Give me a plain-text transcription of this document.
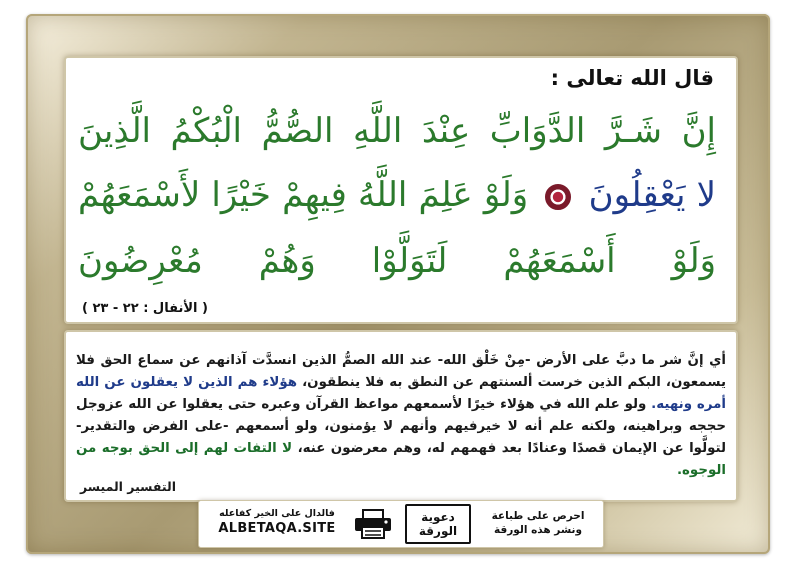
قال الله تعالى :
إِنَّ شَـرَّ الدَّوَابِّ عِنْدَ اللَّهِ الصُّمُّ الْبُكْمُ الَّذِينَ
لا يَعْقِلُونَ  وَلَوْ عَلِمَ اللَّهُ فِيهِمْ خَيْرًا لأَسْمَعَهُمْ
وَلَوْ أَسْمَعَهُمْ لَتَوَلَّوْا وَهُمْ مُعْرِضُونَ
( الأنفال : ٢٢ - ٢٣ )
أي إنَّ شر ما دبَّ على الأرض -مِنْ خَلْق الله- عند الله الصمُّ الذين انسدَّت آذانهم عن سماع الحق فلا يسمعون، البكم الذين خرست ألسنتهم عن النطق به فلا ينطقون، هؤلاء هم الذين لا يعقلون عن الله أمره ونهيه. ولو علم الله في هؤلاء خيرًا لأسمعهم مواعظ القرآن وعبره حتى يعقلوا عن الله عزوجل حججه وبراهينه، ولكنه علم أنه لا خيرفيهم وأنهم لا يؤمنون، ولو أسمعهم -على الفرض والتقدير- لتولَّوا عن الإيمان قصدًا وعنادًا بعد فهمهم له، وهم معرضون عنه، لا التفات لهم إلى الحق بوجه من الوجوه.
التفسير الميسر
فالدال على الخير كفاعله
ALBETAQA.SITE
دعوية
الورقة
احرص على طباعة
ونشر هذه الورقة
